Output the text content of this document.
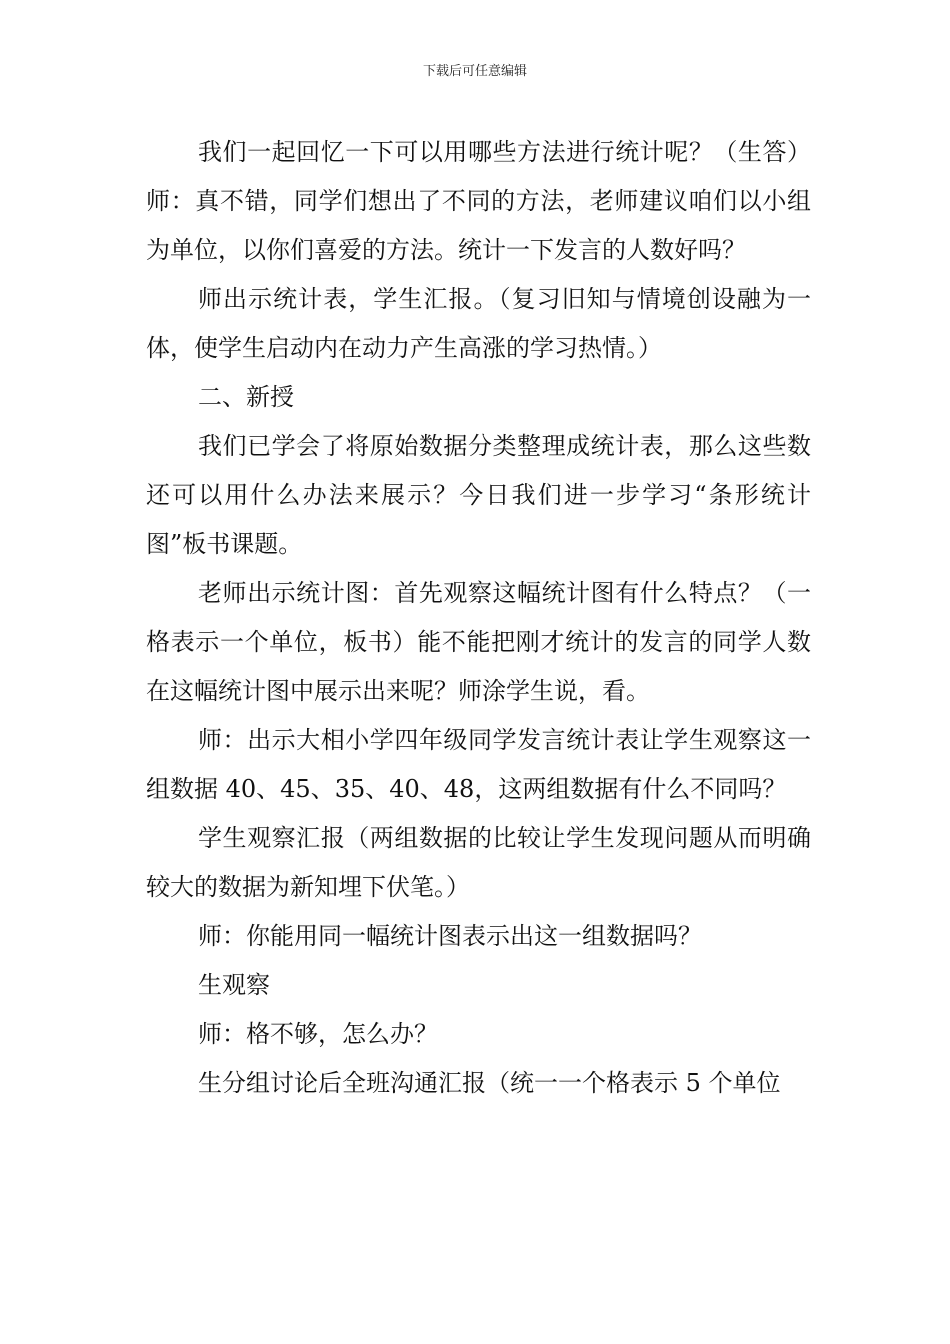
下载后可任意编辑

我们一起回忆一下可以用哪些方法进行统计呢？（生答）师：真不错，同学们想出了不同的方法，老师建议咱们以小组为单位，以你们喜爱的方法。统计一下发言的人数好吗？

师出示统计表，学生汇报。（复习旧知与情境创设融为一体，使学生启动内在动力产生高涨的学习热情。）

二、新授

我们已学会了将原始数据分类整理成统计表，那么这些数还可以用什么办法来展示？今日我们进一步学习“条形统计图”板书课题。

老师出示统计图：首先观察这幅统计图有什么特点？（一格表示一个单位，板书）能不能把刚才统计的发言的同学人数在这幅统计图中展示出来呢？师涂学生说，看。

师：出示大相小学四年级同学发言统计表让学生观察这一组数据 40、45、35、40、48，这两组数据有什么不同吗？

学生观察汇报（两组数据的比较让学生发现问题从而明确较大的数据为新知埋下伏笔。）

师：你能用同一幅统计图表示出这一组数据吗？

生观察

师：格不够，怎么办？

生分组讨论后全班沟通汇报（统一一个格表示 5 个单位
